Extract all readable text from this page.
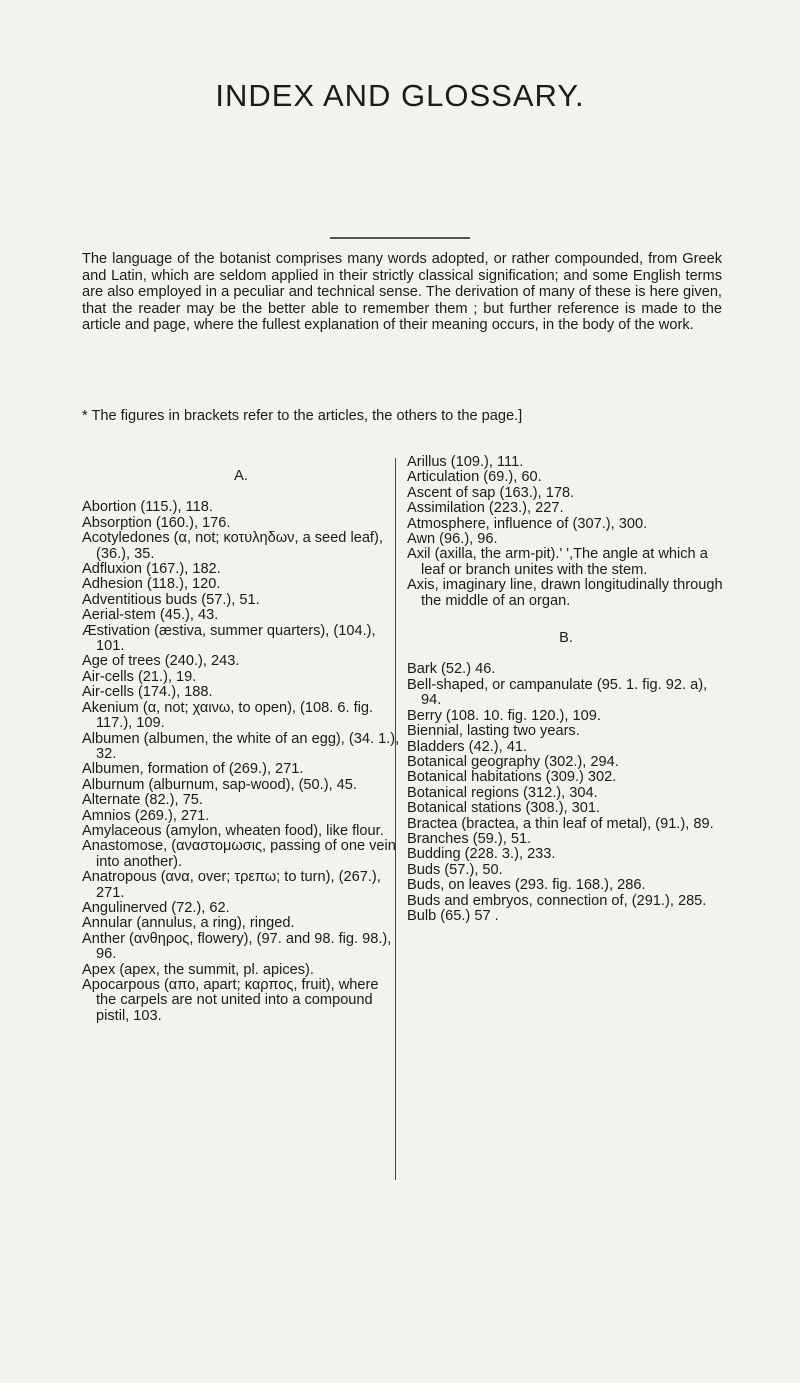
INDEX AND GLOSSARY.

The language of the botanist comprises many words adopted, or rather compounded, from Greek and Latin, which are seldom applied in their strictly classical signification; and some English terms are also employed in a peculiar and technical sense. The derivation of many of these is here given, that the reader may be the better able to remember them ; but further reference is made to the article and page, where the fullest explanation of their meaning occurs, in the body of the work.

* The figures in brackets refer to the articles, the others to the page.]

A.

Abortion (115.), 118.

Absorption (160.), 176.

Acotyledones (α, not; κοτυληδων, a seed leaf), (36.), 35.

Adfluxion (167.), 182.

Adhesion (118.), 120.

Adventitious buds (57.), 51.

Aerial-stem (45.), 43.

Æstivation (æstiva, summer quarters), (104.), 101.

Age of trees (240.), 243.

Air-cells (21.), 19.

Air-cells (174.), 188.

Akenium (α, not; χαινω, to open), (108. 6. fig. 117.), 109.

Albumen (albumen, the white of an egg), (34. 1.), 32.

Albumen, formation of (269.), 271.

Alburnum (alburnum, sap-wood), (50.), 45.

Alternate (82.), 75.

Amnios (269.), 271.

Amylaceous (amylon, wheaten food), like flour.

Anastomose, (αναστομωσις, passing of one vein into another).

Anatropous (ανα, over; τρεπω; to turn), (267.), 271.

Angulinerved (72.), 62.

Annular (annulus, a ring), ringed.

Anther (ανθηρος, flowery), (97. and 98. fig. 98.), 96.

Apex (apex, the summit, pl. apices).

Apocarpous (απο, apart; καρπος, fruit), where the carpels are not united into a compound pistil, 103.

Arillus (109.), 111.

Articulation (69.), 60.

Ascent of sap (163.), 178.

Assimilation (223.), 227.

Atmosphere, influence of (307.), 300.

Awn (96.), 96.

Axil (axilla, the arm-pit).' ',The angle at which a leaf or branch unites with the stem.

Axis, imaginary line, drawn longitudinally through the middle of an organ.

B.

Bark (52.) 46.

Bell-shaped, or campanulate (95. 1. fig. 92. a), 94.

Berry (108. 10. fig. 120.), 109.

Biennial, lasting two years.

Bladders (42.), 41.

Botanical geography (302.), 294.

Botanical habitations (309.) 302.

Botanical regions (312.), 304.

Botanical stations (308.), 301.

Bractea (bractea, a thin leaf of metal), (91.), 89.

Branches (59.), 51.

Budding (228. 3.), 233.

Buds (57.), 50.

Buds, on leaves (293. fig. 168.), 286.

Buds and embryos, connection of, (291.), 285.

Bulb (65.) 57 .
